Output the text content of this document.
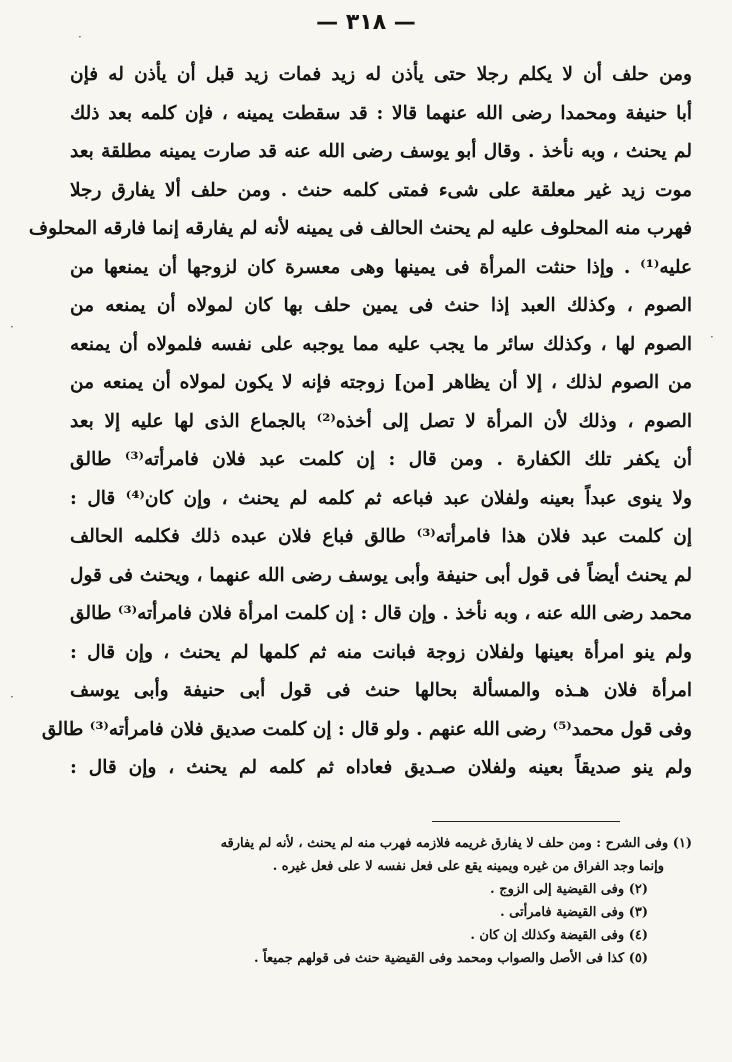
·
·
·
·
— ٣١٨ —
ومن حلف أن لا يكلم رجلا حتى يأذن له زيد فمات زيد قبل أن يأذن له فإن
أبا حنيفة ومحمدا رضى الله عنهما قالا : قد سقطت يمينه ، فإن كلمه بعد ذلك
لم يحنث ، وبه نأخذ . وقال أبو يوسف رضى الله عنه قد صارت يمينه مطلقة بعد
موت زيد غير معلقة على شىء فمتى كلمه حنث . ومن حلف ألا يفارق رجلا
فهرب منه المحلوف عليه لم يحنث الحالف فى يمينه لأنه لم يفارقه إنما فارقه المحلوف
عليه⁽¹⁾ . وإذا حنثت المرأة فى يمينها وهى معسرة كان لزوجها أن يمنعها من
الصوم ، وكذلك العبد إذا حنث فى يمين حلف بها كان لمولاه أن يمنعه من
الصوم لها ، وكذلك سائر ما يجب عليه مما يوجبه على نفسه فلمولاه أن يمنعه
من الصوم لذلك ، إلا أن يظاهر [من] زوجته فإنه لا يكون لمولاه أن يمنعه من
الصوم ، وذلك لأن المرأة لا تصل إلى أخذه⁽²⁾ بالجماع الذى لها عليه إلا بعد
أن يكفر تلك الكفارة . ومن قال : إن كلمت عبد فلان فامرأته⁽³⁾ طالق
ولا ينوى عبداً بعينه ولفلان عبد فباعه ثم كلمه لم يحنث ، وإن كان⁽⁴⁾ قال :
إن كلمت عبد فلان هذا فامرأته⁽³⁾ طالق فباع فلان عبده ذلك فكلمه الحالف
لم يحنث أيضاً فى قول أبى حنيفة وأبى يوسف رضى الله عنهما ، ويحنث فى قول
محمد رضى الله عنه ، وبه نأخذ . وإن قال : إن كلمت امرأة فلان فامرأته⁽³⁾ طالق
ولم ينو امرأة بعينها ولفلان زوجة فبانت منه ثم كلمها لم يحنث ، وإن قال :
امرأة فلان هـذه والمسألة بحالها حنث فى قول أبى حنيفة وأبى يوسف
وفى قول محمد⁽⁵⁾ رضى الله عنهم . ولو قال : إن كلمت صديق فلان فامرأته⁽³⁾ طالق
ولم ينو صديقاً بعينه ولفلان صـديق فعاداه ثم كلمه لم يحنث ، وإن قال :
(١) وفى الشرح : ومن حلف لا يفارق غريمه فلازمه فهرب منه لم يحنث ، لأنه لم يفارقه
وإنما وجد الفراق من غيره ويمينه يقع على فعل نفسه لا على فعل غيره .
(٢) وفى القيضية إلى الزوج .
(٣) وفى القيضية فامرأتى .
(٤) وفى القيضة وكذلك إن كان .
(٥) كذا فى الأصل والصواب ومحمد وفى القيضية حنث فى قولهم جميعاً .
